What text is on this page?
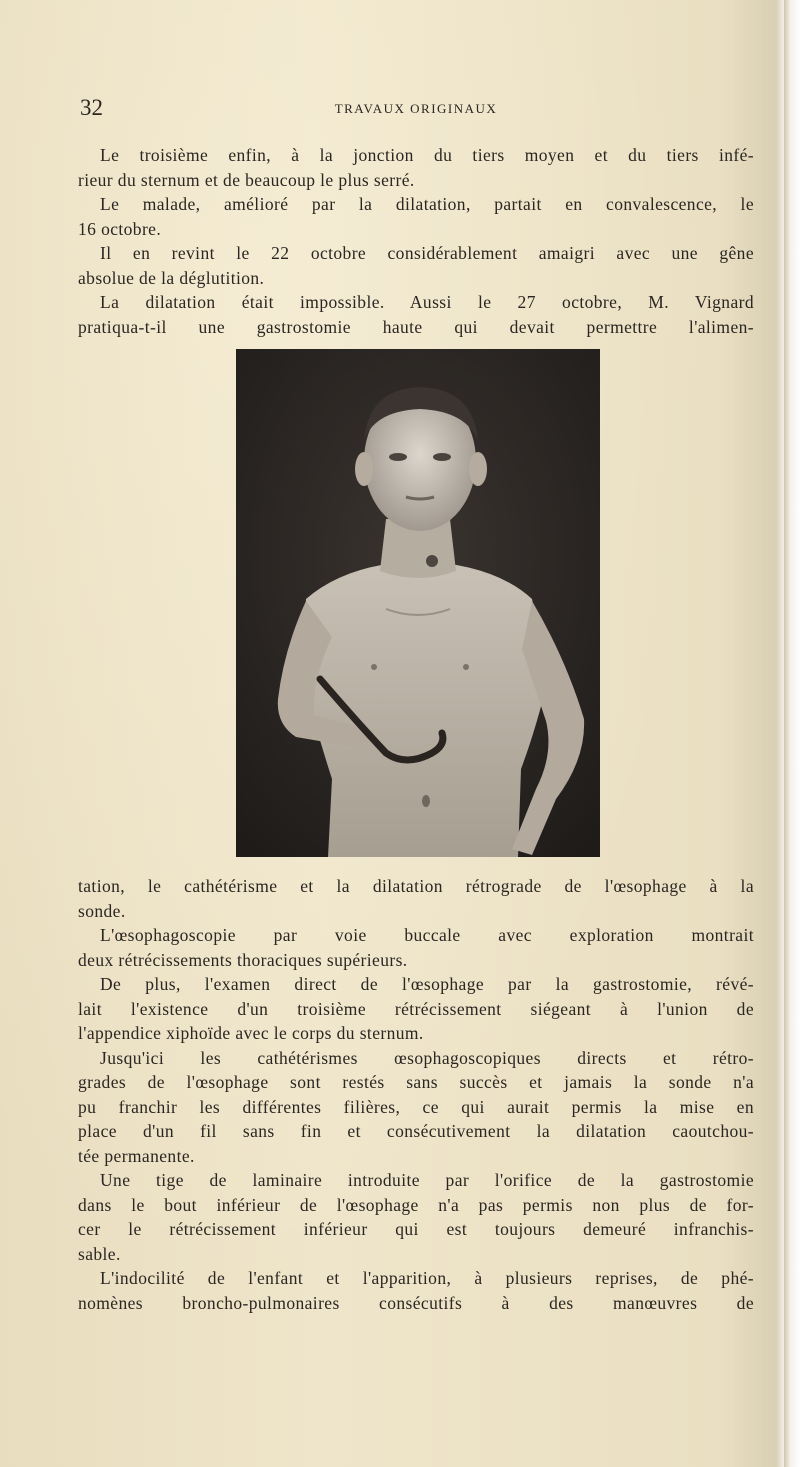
32	TRAVAUX ORIGINAUX
Le troisième enfin, à la jonction du tiers moyen et du tiers infé-
rieur du sternum et de beaucoup le plus serré.
Le malade, amélioré par la dilatation, partait en convalescence, le
16 octobre.
Il en revint le 22 octobre considérablement amaigri avec une gêne
absolue de la déglutition.
La dilatation était impossible. Aussi le 27 octobre, M. Vignard
pratiqua-t-il une gastrostomie haute qui devait permettre l'alimen-
tation, le cathétérisme et la dilatation rétrograde de l'œsophage à la
sonde.
L'œsophagoscopie par voie buccale avec exploration montrait
deux rétrécissements thoraciques supérieurs.
De plus, l'examen direct de l'œsophage par la gastrostomie, révé-
lait l'existence d'un troisième rétrécissement siégeant à l'union de
l'appendice xiphoïde avec le corps du sternum.
Jusqu'ici les cathétérismes œsophagoscopiques directs et rétro-
grades de l'œsophage sont restés sans succès et jamais la sonde n'a
pu franchir les différentes filières, ce qui aurait permis la mise en
place d'un fil sans fin et consécutivement la dilatation caoutchou-
tée permanente.
Une tige de laminaire introduite par l'orifice de la gastrostomie
dans le bout inférieur de l'œsophage n'a pas permis non plus de for-
cer le rétrécissement inférieur qui est toujours demeuré infranchis-
sable.
L'indocilité de l'enfant et l'apparition, à plusieurs reprises, de phé-
nomènes broncho-pulmonaires consécutifs à des manœuvres de
